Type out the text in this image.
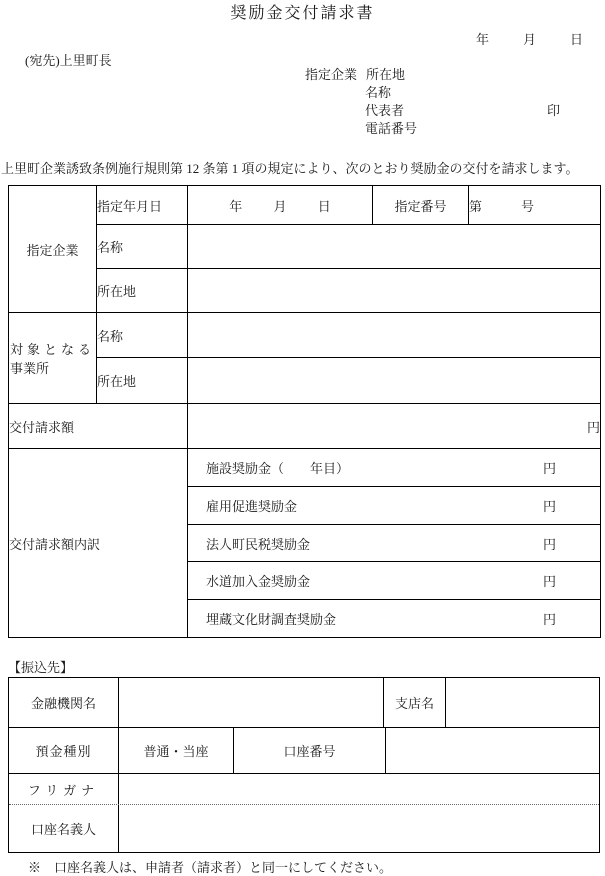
奨励金交付請求書
年	月	日
(宛先)上里町長
指定企業 所在地
名称
代表者	印
電話番号
上里町企業誘致条例施行規則第 12 条第 1 項の規定により、次のとおり奨励金の交付を請求します。
指定企業	指定年月日	年 月 日	指定番号	第　　　号
	名称			
	所在地			
対象となる
事業所	名称			
	所在地			
交付請求額		円		
交付請求額内訳		施設奨励金（　　年目） 円		

		雇用促進奨励金 円		

		法人町民税奨励金 円		

		水道加入金奨励金 円		

		埋蔵文化財調査奨励金 円		
【振込先】
金融機関名	支店名
預金種別	普通・当座	口座番号
フリガナ
口座名義人
※　口座名義人は、申請者（請求者）と同一にしてください。
